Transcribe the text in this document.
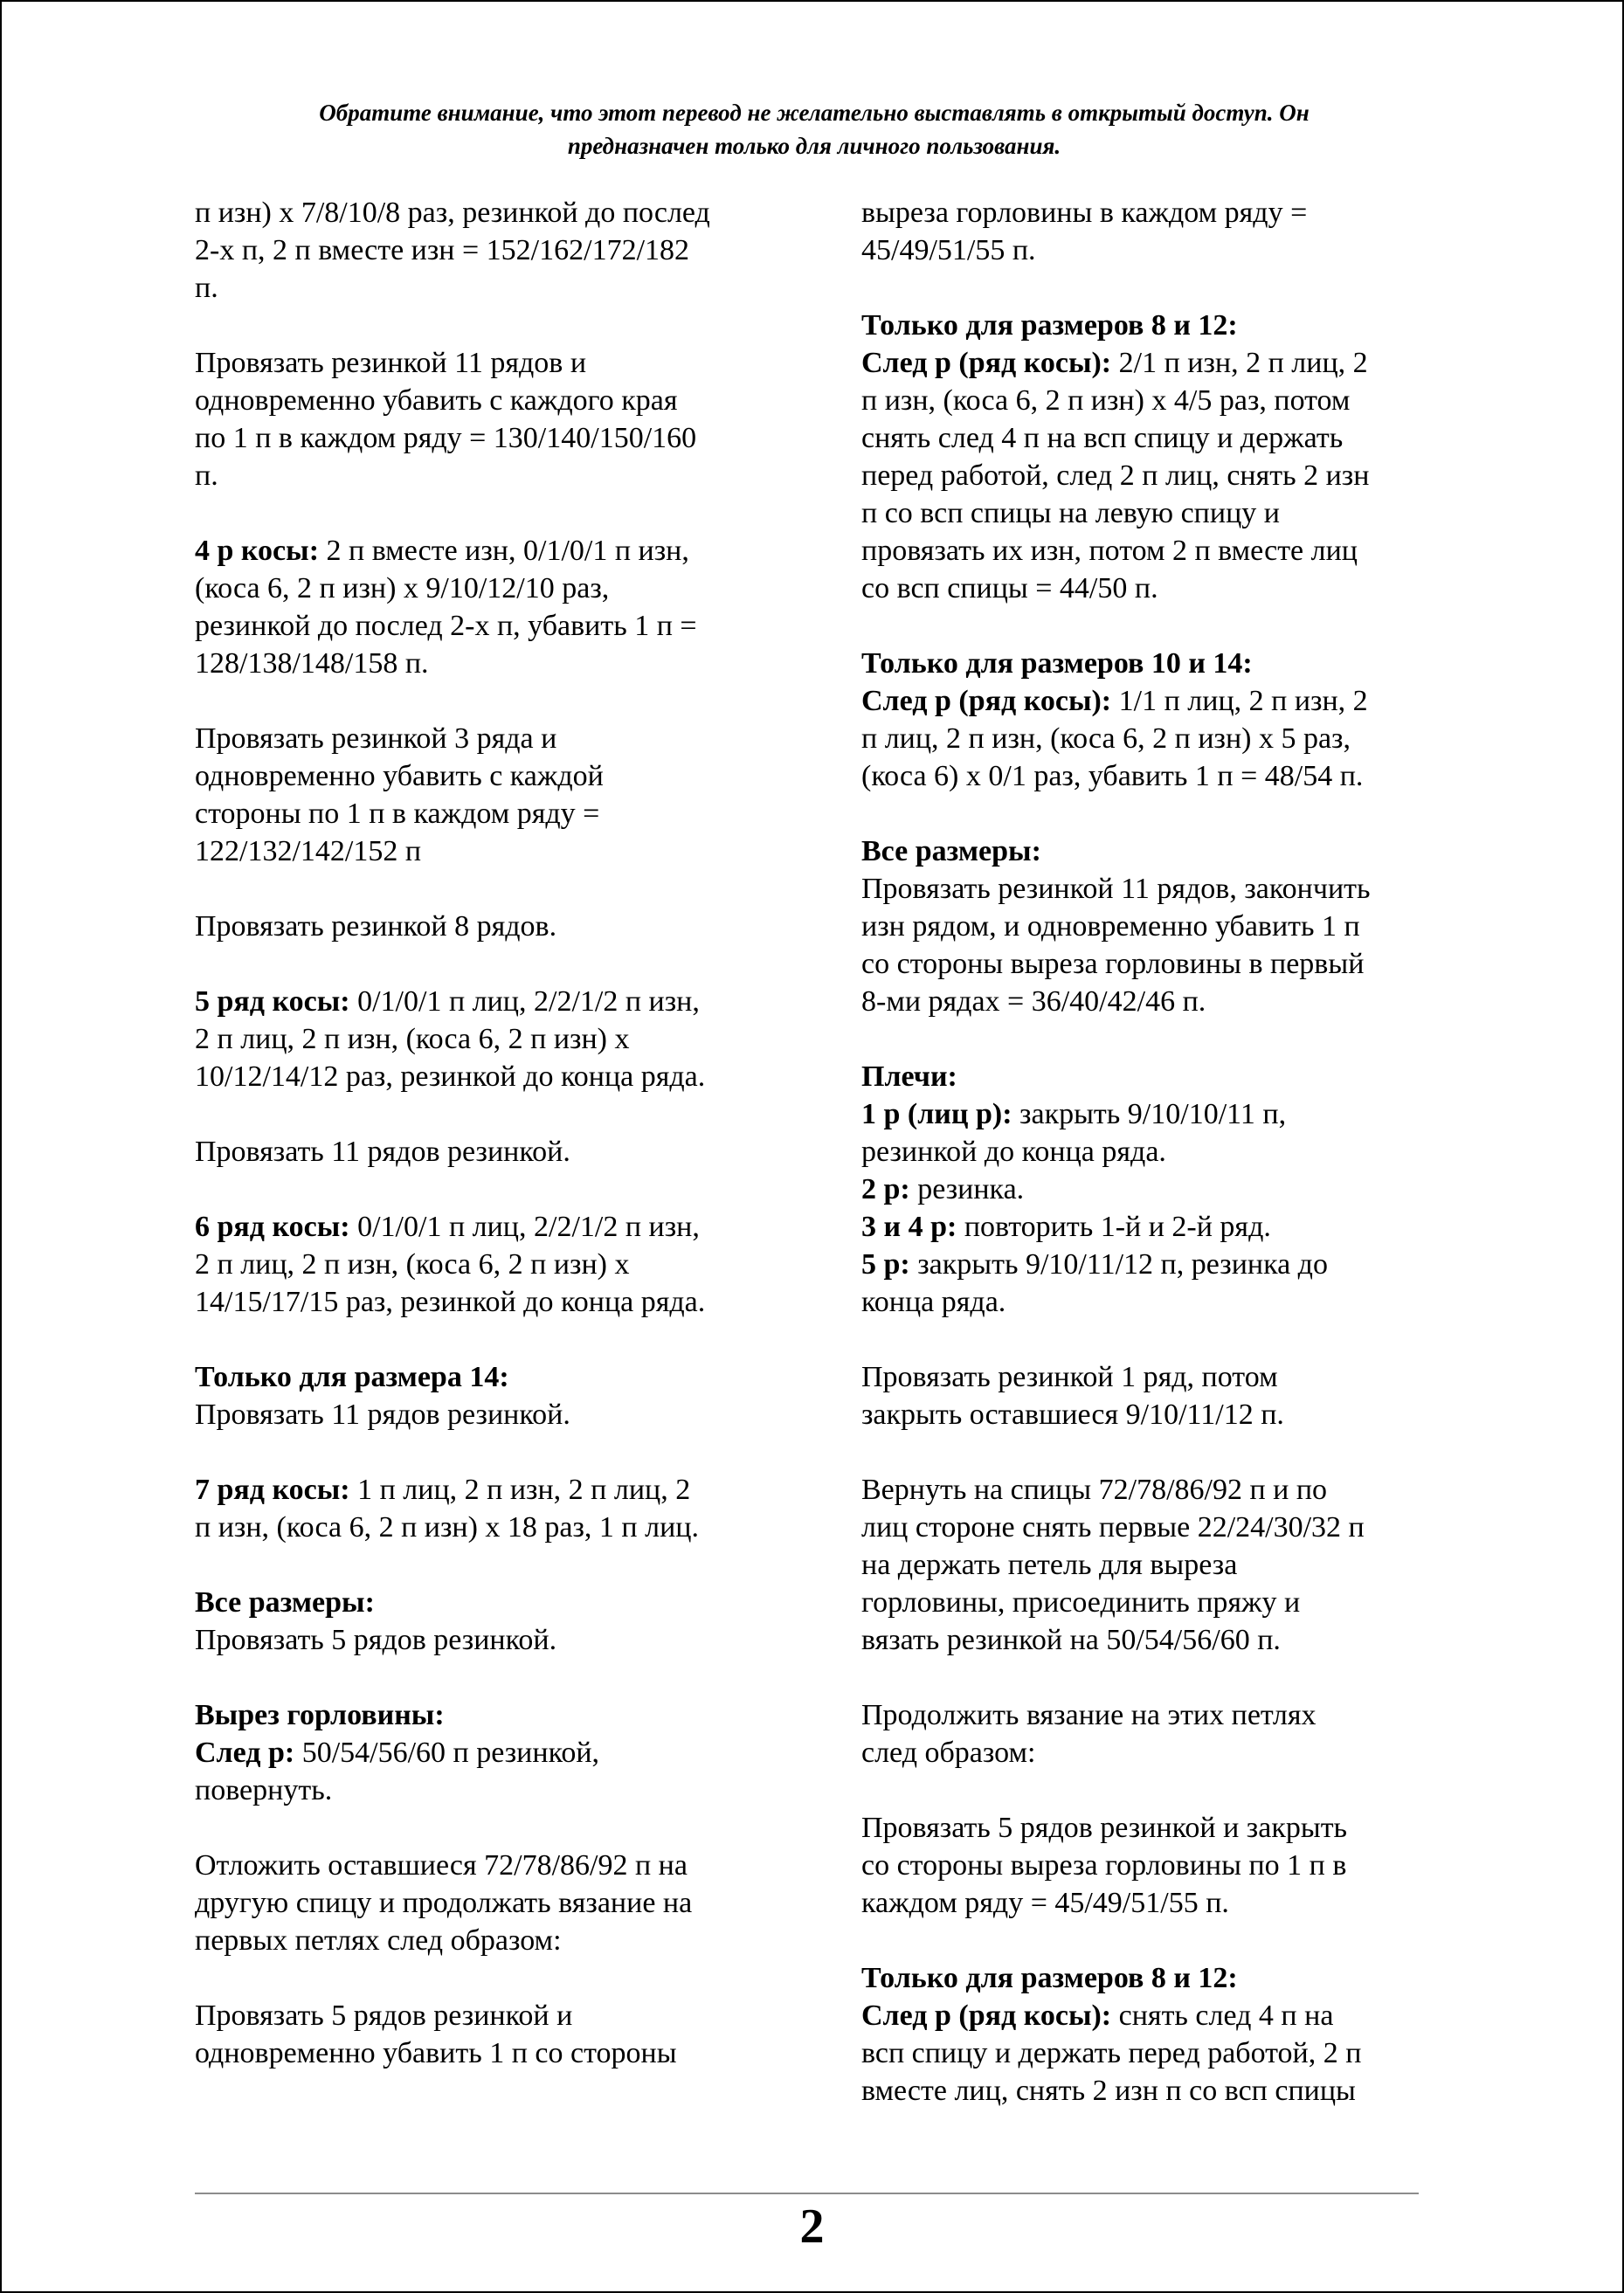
Обратите внимание, что этот перевод не желательно выставлять в открытый доступ. Он
предназначен только для личного пользования.
п изн) х 7/8/10/8 раз, резинкой до послед
2-х п, 2 п вместе изн = 152/162/172/182
п.
Провязать резинкой 11 рядов и
одновременно убавить с каждого края
по 1 п в каждом ряду = 130/140/150/160
п.
4 р косы: 2 п вместе изн, 0/1/0/1 п изн,
(коса 6, 2 п изн) х 9/10/12/10 раз,
резинкой до послед 2-х п, убавить 1 п =
128/138/148/158 п.
Провязать резинкой 3 ряда и
одновременно убавить с каждой
стороны по 1 п в каждом ряду =
122/132/142/152 п
Провязать резинкой 8 рядов.
5 ряд косы: 0/1/0/1 п лиц, 2/2/1/2 п изн,
2 п лиц, 2 п изн, (коса 6, 2 п изн) х
10/12/14/12 раз, резинкой до конца ряда.
Провязать 11 рядов резинкой.
6 ряд косы: 0/1/0/1 п лиц, 2/2/1/2 п изн,
2 п лиц, 2 п изн, (коса 6, 2 п изн) х
14/15/17/15 раз, резинкой до конца ряда.
Только для размера 14:
Провязать 11 рядов резинкой.
7 ряд косы: 1 п лиц, 2 п изн, 2 п лиц, 2
п изн, (коса 6, 2 п изн) х 18 раз, 1 п лиц.
Все размеры:
Провязать 5 рядов резинкой.
Вырез горловины:
След р: 50/54/56/60 п резинкой,
повернуть.
Отложить оставшиеся 72/78/86/92 п на
другую спицу и продолжать вязание на
первых петлях след образом:
Провязать 5 рядов резинкой и
одновременно убавить 1 п со стороны
выреза горловины в каждом ряду =
45/49/51/55 п.
Только для размеров 8 и 12:
След р (ряд косы): 2/1 п изн, 2 п лиц, 2
п изн, (коса 6, 2 п изн) х 4/5 раз, потом
снять след 4 п на всп спицу и держать
перед работой, след 2 п лиц, снять 2 изн
п со всп спицы на левую спицу и
провязать их изн, потом 2 п вместе лиц
со всп спицы = 44/50 п.
Только для размеров 10 и 14:
След р (ряд косы): 1/1 п лиц, 2 п изн, 2
п лиц, 2 п изн, (коса 6, 2 п изн) х 5 раз,
(коса 6) х 0/1 раз, убавить 1 п = 48/54 п.
Все размеры:
Провязать резинкой 11 рядов, закончить
изн рядом, и одновременно убавить 1 п
со стороны выреза горловины в первый
8-ми рядах = 36/40/42/46 п.
Плечи:
1 р (лиц р): закрыть 9/10/10/11 п,
резинкой до конца ряда.
2 р: резинка.
3 и 4 р: повторить 1-й и 2-й ряд.
5 р: закрыть 9/10/11/12 п, резинка до
конца ряда.
Провязать резинкой 1 ряд, потом
закрыть оставшиеся 9/10/11/12 п.
Вернуть на спицы 72/78/86/92 п и по
лиц стороне снять первые 22/24/30/32 п
на держать петель для выреза
горловины, присоединить пряжу и
вязать резинкой на 50/54/56/60 п.
Продолжить вязание на этих петлях
след образом:
Провязать 5 рядов резинкой и закрыть
со стороны выреза горловины по 1 п в
каждом ряду = 45/49/51/55 п.
Только для размеров 8 и 12:
След р (ряд косы): снять след 4 п на
всп спицу и держать перед работой, 2 п
вместе лиц, снять 2 изн п со всп спицы
2
